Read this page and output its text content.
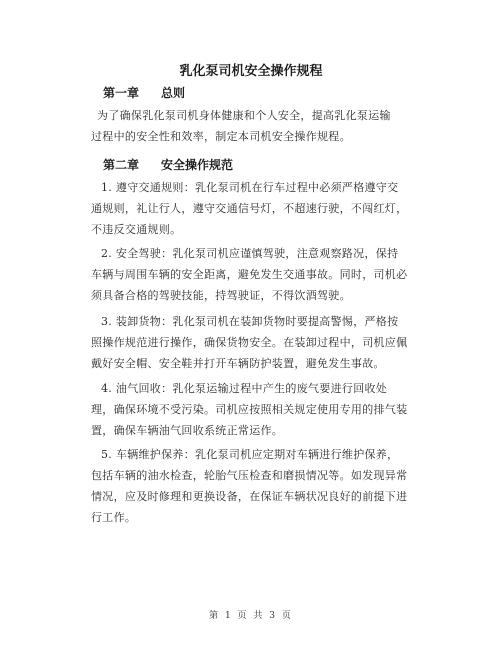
乳化泵司机安全操作规程
第一章 总则
为了确保乳化泵司机身体健康和个人安全，提高乳化泵运输
过程中的安全性和效率，制定本司机安全操作规程。
第二章 安全操作规范
1. 遵守交通规则：乳化泵司机在行车过程中必须严格遵守交
通规则，礼让行人，遵守交通信号灯，不超速行驶，不闯红灯，
不违反交通规则。
2. 安全驾驶：乳化泵司机应谨慎驾驶，注意观察路况，保持
车辆与周围车辆的安全距离，避免发生交通事故。同时，司机必
须具备合格的驾驶技能，持驾驶证，不得饮酒驾驶。
3. 装卸货物：乳化泵司机在装卸货物时要提高警惕，严格按
照操作规范进行操作，确保货物安全。在装卸过程中，司机应佩
戴好安全帽、安全鞋并打开车辆防护装置，避免发生事故。
4. 油气回收：乳化泵运输过程中产生的废气要进行回收处
理，确保环境不受污染。司机应按照相关规定使用专用的排气装
置，确保车辆油气回收系统正常运作。
5. 车辆维护保养：乳化泵司机应定期对车辆进行维护保养，
包括车辆的油水检查，轮胎气压检查和磨损情况等。如发现异常
情况，应及时修理和更换设备，在保证车辆状况良好的前提下进
行工作。
第 1 页 共 3 页
